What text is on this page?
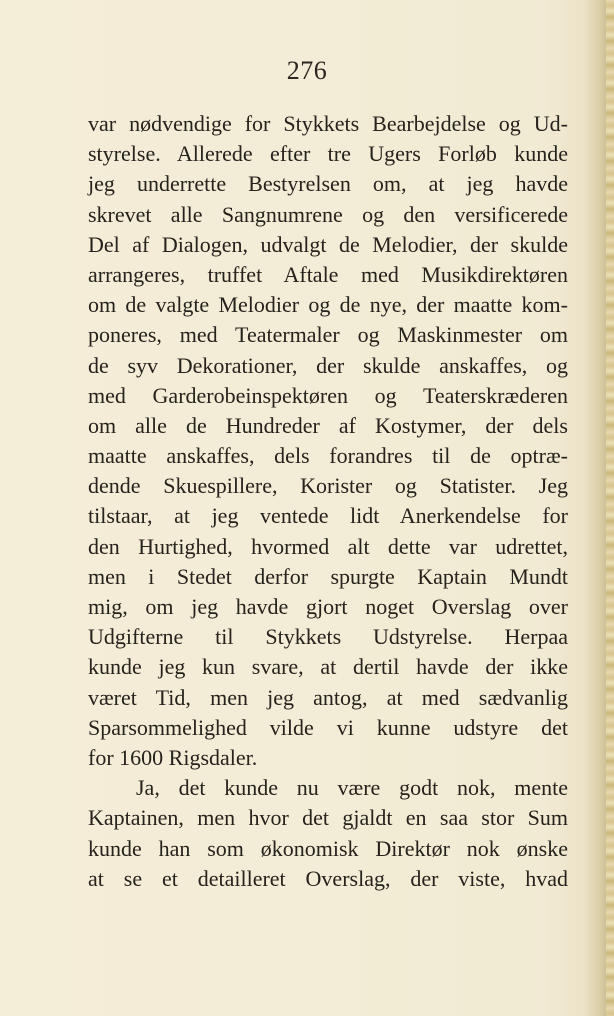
276
var nødvendige for Stykkets Bearbejdelse og Ud-
styrelse. Allerede efter tre Ugers Forløb kunde
jeg underrette Bestyrelsen om, at jeg havde
skrevet alle Sangnumrene og den versificerede
Del af Dialogen, udvalgt de Melodier, der skulde
arrangeres, truffet Aftale med Musikdirektøren
om de valgte Melodier og de nye, der maatte kom-
poneres, med Teatermaler og Maskinmester om
de syv Dekorationer, der skulde anskaffes, og
med Garderobeinspektøren og Teaterskræderen
om alle de Hundreder af Kostymer, der dels
maatte anskaffes, dels forandres til de optræ-
dende Skuespillere, Korister og Statister. Jeg
tilstaar, at jeg ventede lidt Anerkendelse for
den Hurtighed, hvormed alt dette var udrettet,
men i Stedet derfor spurgte Kaptain Mundt
mig, om jeg havde gjort noget Overslag over
Udgifterne til Stykkets Udstyrelse. Herpaa
kunde jeg kun svare, at dertil havde der ikke
været Tid, men jeg antog, at med sædvanlig
Sparsommelighed vilde vi kunne udstyre det
for 1600 Rigsdaler.
Ja, det kunde nu være godt nok, mente
Kaptainen, men hvor det gjaldt en saa stor Sum
kunde han som økonomisk Direktør nok ønske
at se et detailleret Overslag, der viste, hvad
